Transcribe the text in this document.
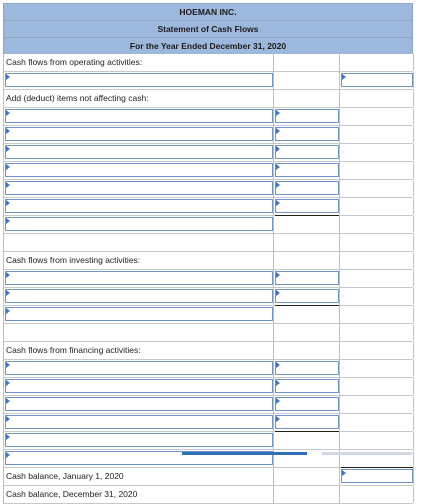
HOEMAN INC.
Statement of Cash Flows
For the Year Ended December 31, 2020
Cash flows from operating activities:
Add (deduct) items not affecting cash:
Cash flows from investing activities:
Cash flows from financing activities:
Cash balance, January 1, 2020
Cash balance, December 31, 2020
